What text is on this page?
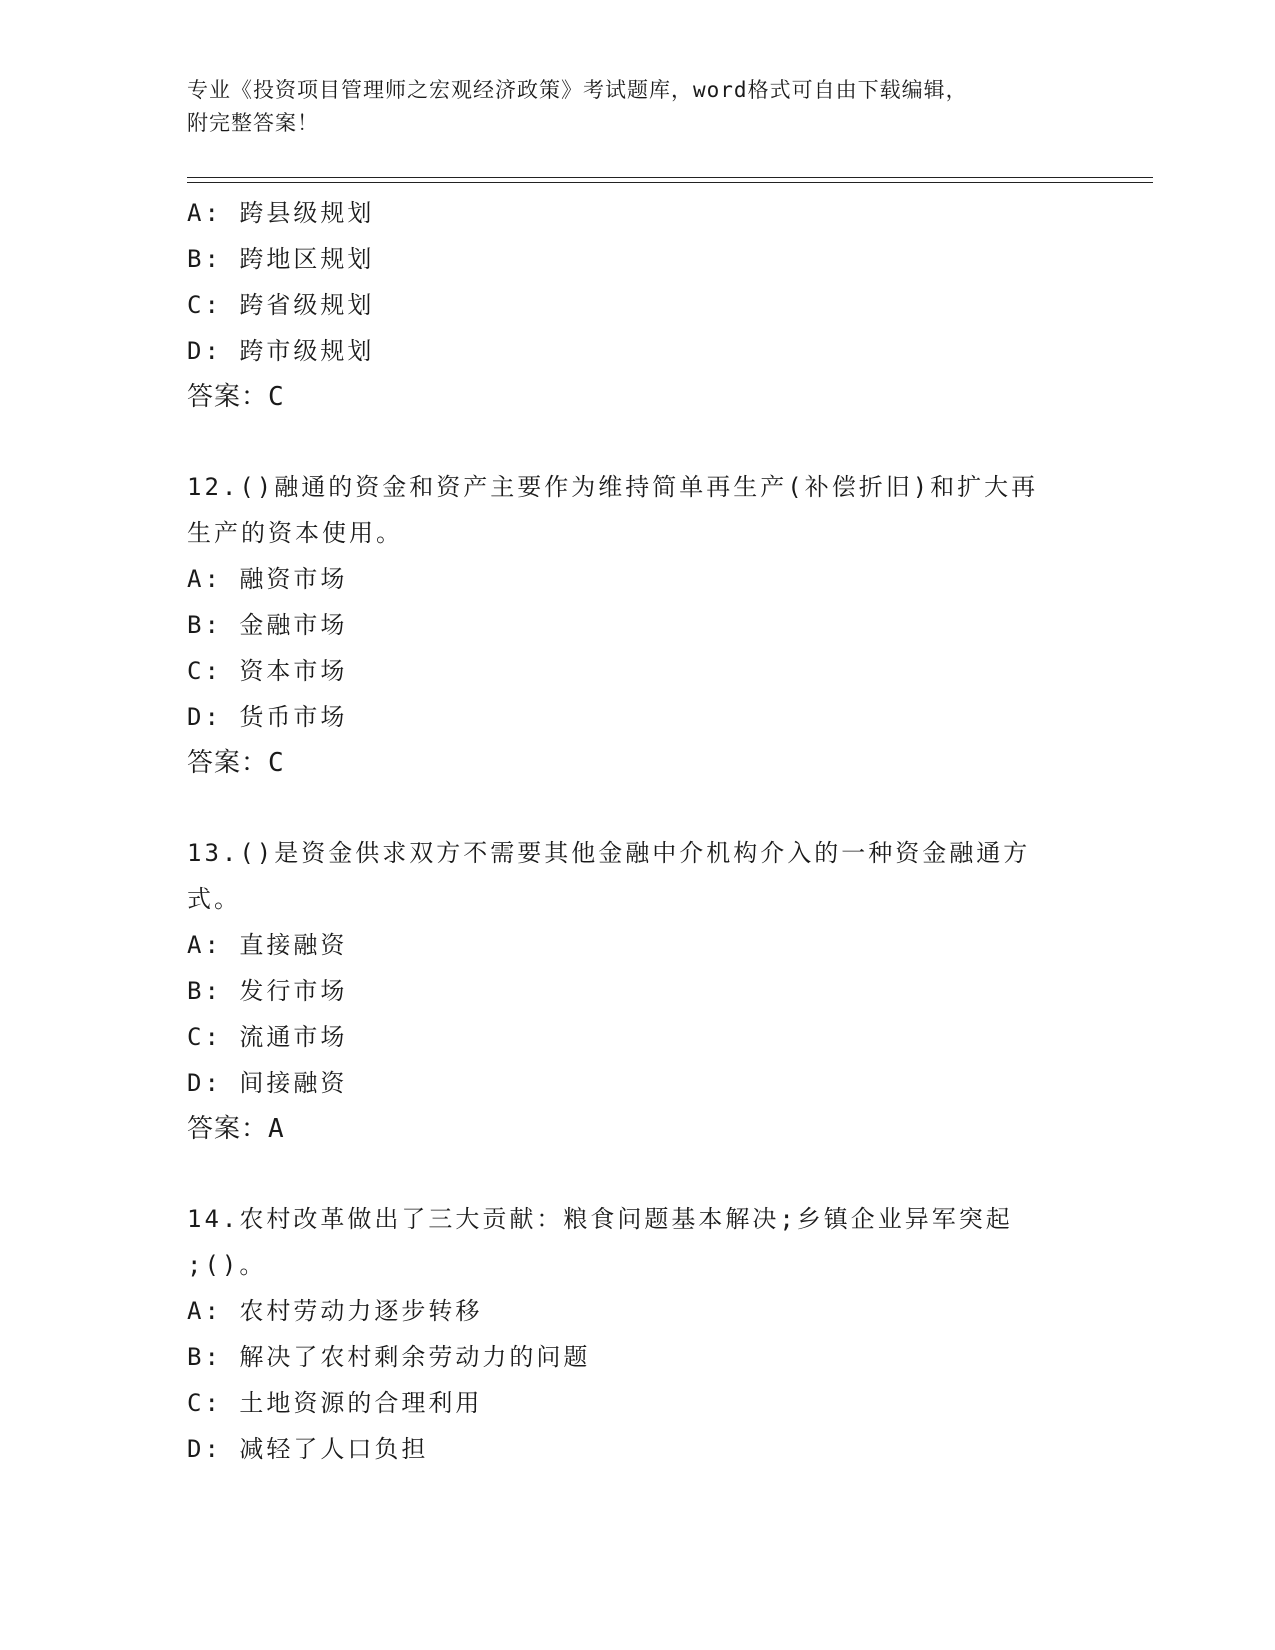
专业《投资项目管理师之宏观经济政策》考试题库，word格式可自由下载编辑，
附完整答案！
A: 跨县级规划
B: 跨地区规划
C: 跨省级规划
D: 跨市级规划
答案：C
12.()融通的资金和资产主要作为维持简单再生产(补偿折旧)和扩大再
生产的资本使用。
A: 融资市场
B: 金融市场
C: 资本市场
D: 货币市场
答案：C
13.()是资金供求双方不需要其他金融中介机构介入的一种资金融通方
式。
A: 直接融资
B: 发行市场
C: 流通市场
D: 间接融资
答案：A
14.农村改革做出了三大贡献：粮食问题基本解决;乡镇企业异军突起
;()。
A: 农村劳动力逐步转移
B: 解决了农村剩余劳动力的问题
C: 土地资源的合理利用
D: 减轻了人口负担
